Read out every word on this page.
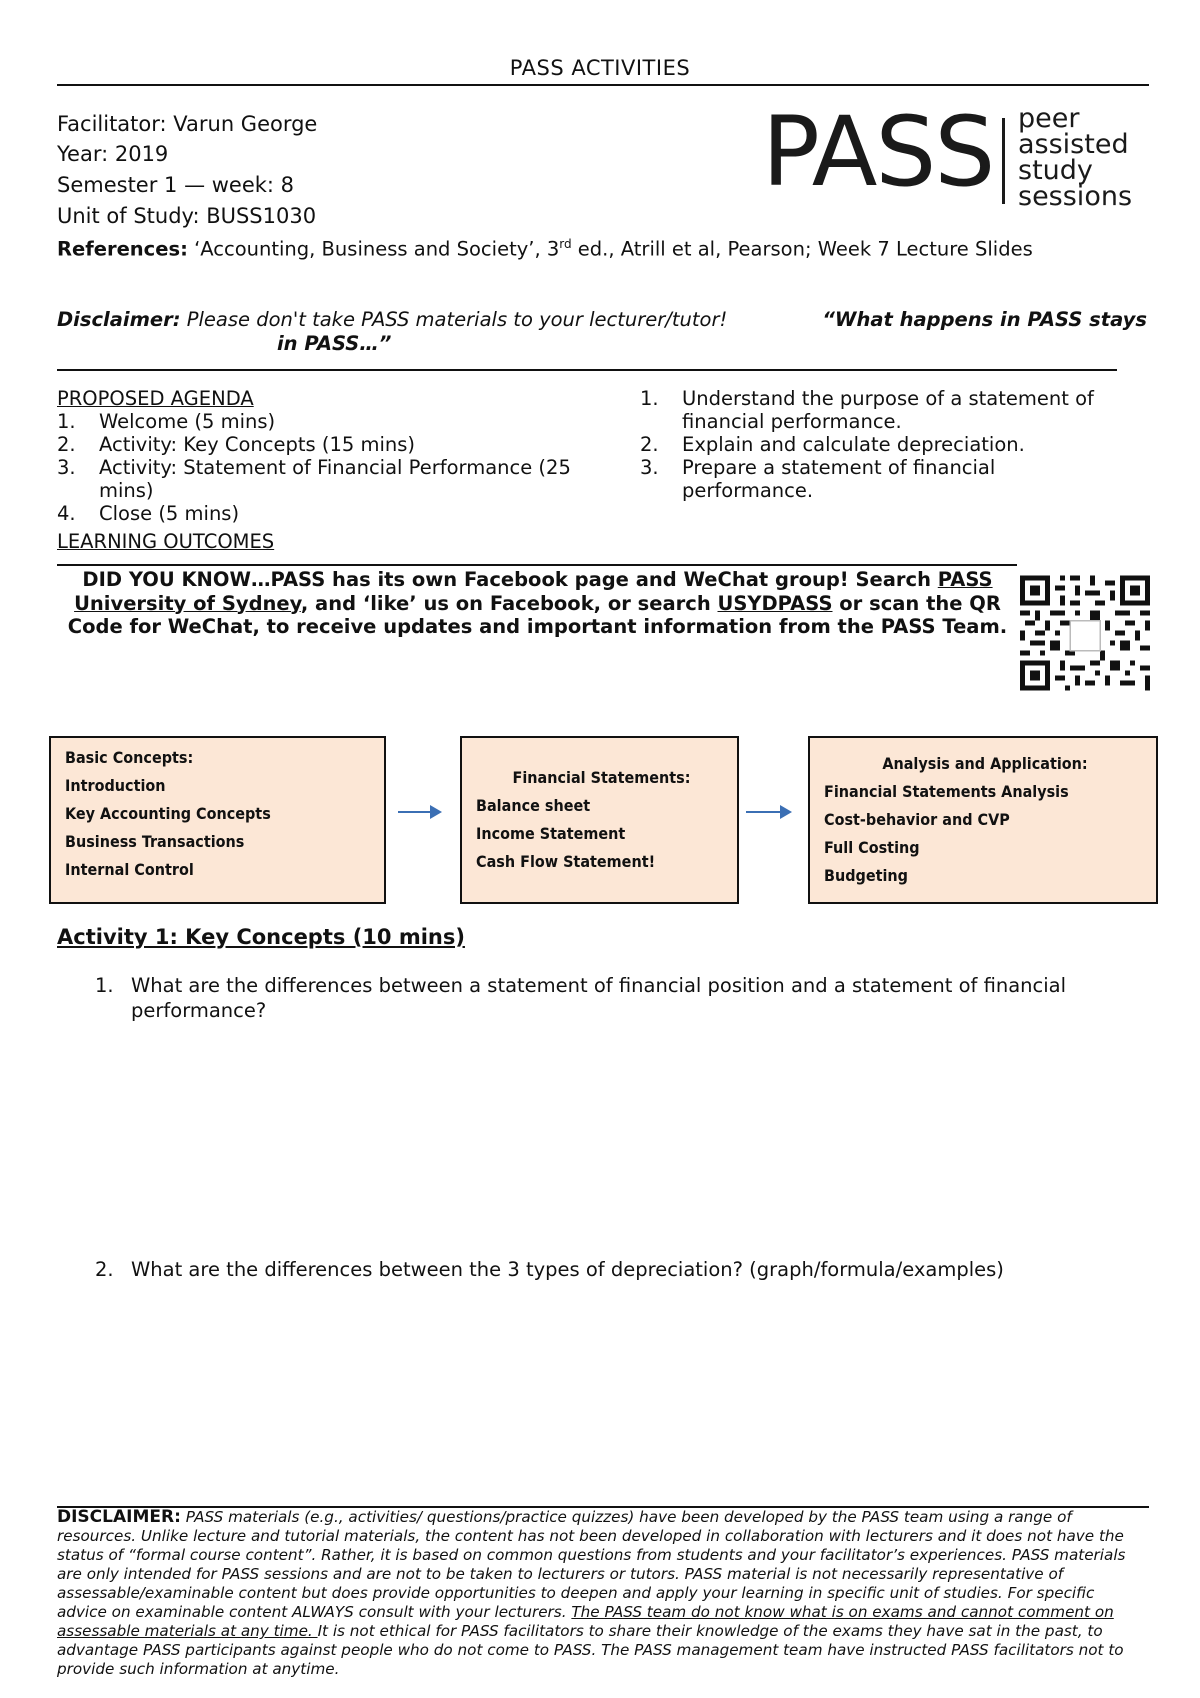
PASS ACTIVITIES
Facilitator: Varun George
Year: 2019
Semester 1 — week: 8
Unit of Study: BUSS1030
PASS peer
assisted
study
sessions
References: ‘Accounting, Business and Society’, 3rd ed., Atrill et al, Pearson; Week 7 Lecture Slides
Disclaimer: Please don't take PASS materials to your lecturer/tutor!	“What happens in PASS stays
in PASS…”
PROPOSED AGENDA
1. Welcome (5 mins)
2. Activity: Key Concepts (15 mins)
3. Activity: Statement of Financial Performance (25 mins)
4. Close (5 mins)
LEARNING OUTCOMES
1. Understand the purpose of a statement of financial performance.
2. Explain and calculate depreciation.
3. Prepare a statement of financial performance.
DID YOU KNOW…PASS has its own Facebook page and WeChat group! Search PASS University of Sydney, and ‘like’ us on Facebook, or search USYDPASS or scan the QR Code for WeChat, to receive updates and important information from the PASS Team.
Basic Concepts:
Introduction
Key Accounting Concepts
Business Transactions
Internal Control
Financial Statements:
Balance sheet
Income Statement
Cash Flow Statement!
Analysis and Application:
Financial Statements Analysis
Cost-behavior and CVP
Full Costing
Budgeting
Activity 1: Key Concepts (10 mins)
1. What are the differences between a statement of financial position and a statement of financial performance?
2. What are the differences between the 3 types of depreciation? (graph/formula/examples)
DISCLAIMER: PASS materials (e.g., activities/ questions/practice quizzes) have been developed by the PASS team using a range of resources. Unlike lecture and tutorial materials, the content has not been developed in collaboration with lecturers and it does not have the status of “formal course content”. Rather, it is based on common questions from students and your facilitator’s experiences. PASS materials are only intended for PASS sessions and are not to be taken to lecturers or tutors. PASS material is not necessarily representative of assessable/examinable content but does provide opportunities to deepen and apply your learning in specific unit of studies. For specific advice on examinable content ALWAYS consult with your lecturers. The PASS team do not know what is on exams and cannot comment on assessable materials at any time. It is not ethical for PASS facilitators to share their knowledge of the exams they have sat in the past, to advantage PASS participants against people who do not come to PASS. The PASS management team have instructed PASS facilitators not to provide such information at anytime.
